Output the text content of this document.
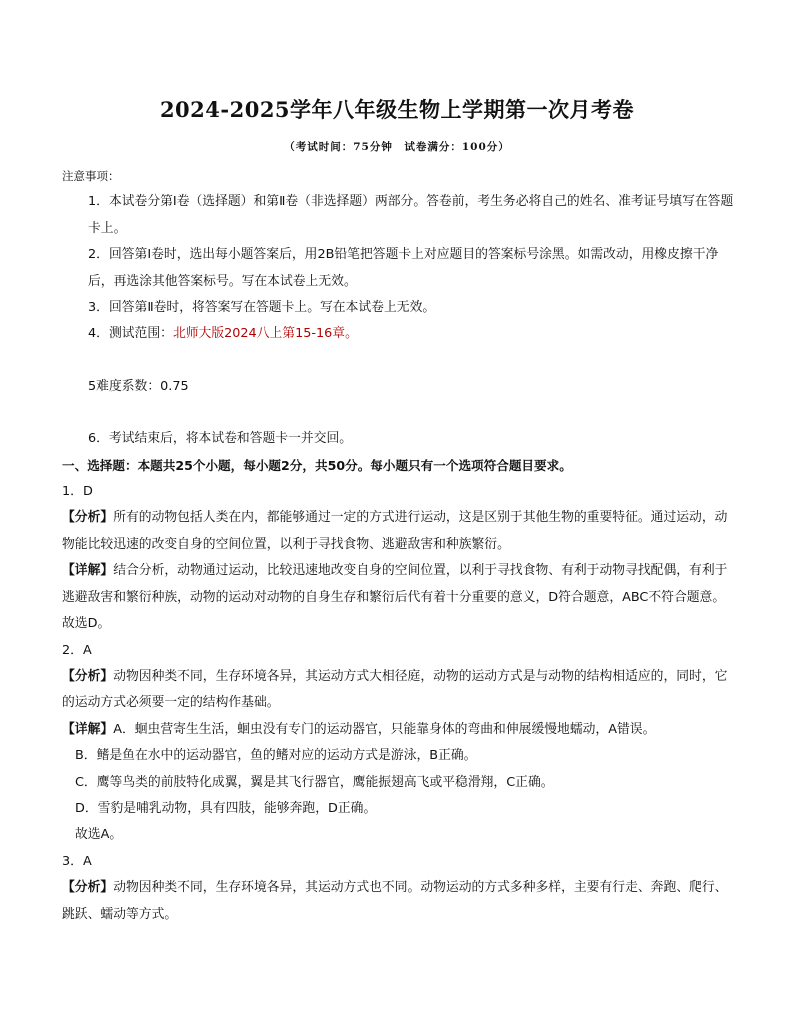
2024-2025学年八年级生物上学期第一次月考卷
（考试时间：75分钟　试卷满分：100分）
注意事项：
1．本试卷分第Ⅰ卷（选择题）和第Ⅱ卷（非选择题）两部分。答卷前，考生务必将自己的姓名、准考证号填写在答题卡上。
2．回答第Ⅰ卷时，选出每小题答案后，用2B铅笔把答题卡上对应题目的答案标号涂黑。如需改动，用橡皮擦干净后，再选涂其他答案标号。写在本试卷上无效。
3．回答第Ⅱ卷时，将答案写在答题卡上。写在本试卷上无效。
4．测试范围：北师大版2024八上第15-16章。
5难度系数：0.75
6．考试结束后，将本试卷和答题卡一并交回。
一、选择题：本题共25个小题，每小题2分，共50分。每小题只有一个选项符合题目要求。
1．D
【分析】所有的动物包括人类在内，都能够通过一定的方式进行运动，这是区别于其他生物的重要特征。通过运动，动物能比较迅速的改变自身的空间位置，以利于寻找食物、逃避敌害和种族繁衍。
【详解】结合分析，动物通过运动，比较迅速地改变自身的空间位置，以利于寻找食物、有利于动物寻找配偶，有利于逃避敌害和繁衍种族，动物的运动对动物的自身生存和繁衍后代有着十分重要的意义，D符合题意，ABC不符合题意。
故选D。
2．A
【分析】动物因种类不同，生存环境各异，其运动方式大相径庭，动物的运动方式是与动物的结构相适应的，同时，它的运动方式必须要一定的结构作基础。
【详解】A．蛔虫营寄生生活，蛔虫没有专门的运动器官，只能靠身体的弯曲和伸展缓慢地蠕动，A错误。
B．鳍是鱼在水中的运动器官，鱼的鳍对应的运动方式是游泳，B正确。
C．鹰等鸟类的前肢特化成翼，翼是其飞行器官，鹰能振翅高飞或平稳滑翔，C正确。
D．雪豹是哺乳动物，具有四肢，能够奔跑，D正确。
故选A。
3．A
【分析】动物因种类不同，生存环境各异，其运动方式也不同。动物运动的方式多种多样，主要有行走、奔跑、爬行、跳跃、蠕动等方式。
